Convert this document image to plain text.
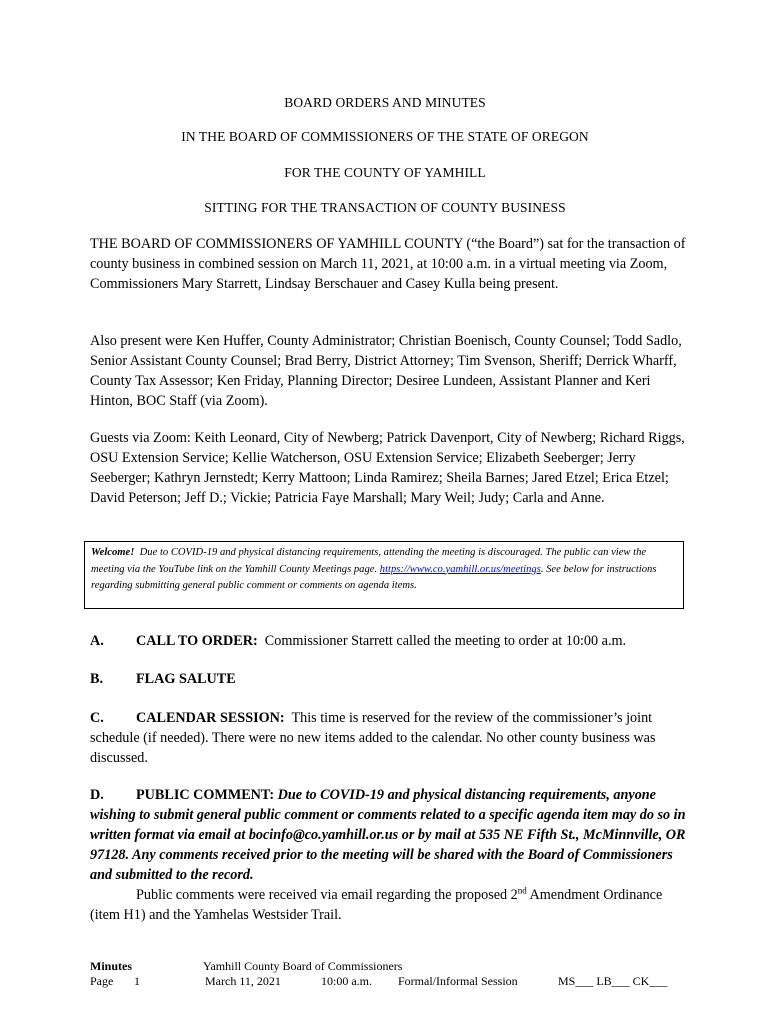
BOARD ORDERS AND MINUTES
IN THE BOARD OF COMMISSIONERS OF THE STATE OF OREGON
FOR THE COUNTY OF YAMHILL
SITTING FOR THE TRANSACTION OF COUNTY BUSINESS
THE BOARD OF COMMISSIONERS OF YAMHILL COUNTY (“the Board”) sat for the transaction of county business in combined session on March 11, 2021, at 10:00 a.m. in a virtual meeting via Zoom, Commissioners Mary Starrett, Lindsay Berschauer and Casey Kulla being present.
Also present were Ken Huffer, County Administrator; Christian Boenisch, County Counsel; Todd Sadlo, Senior Assistant County Counsel; Brad Berry, District Attorney; Tim Svenson, Sheriff; Derrick Wharff, County Tax Assessor; Ken Friday, Planning Director; Desiree Lundeen, Assistant Planner and Keri Hinton, BOC Staff (via Zoom).
Guests via Zoom: Keith Leonard, City of Newberg; Patrick Davenport, City of Newberg; Richard Riggs, OSU Extension Service; Kellie Watcherson, OSU Extension Service; Elizabeth Seeberger; Jerry Seeberger; Kathryn Jernstedt; Kerry Mattoon; Linda Ramirez; Sheila Barnes; Jared Etzel; Erica Etzel; David Peterson; Jeff D.; Vickie; Patricia Faye Marshall; Mary Weil; Judy; Carla and Anne.
Welcome! Due to COVID-19 and physical distancing requirements, attending the meeting is discouraged. The public can view the meeting via the YouTube link on the Yamhill County Meetings page. https://www.co.yamhill.or.us/meetings. See below for instructions regarding submitting general public comment or comments on agenda items.
A. CALL TO ORDER: Commissioner Starrett called the meeting to order at 10:00 a.m.
B. FLAG SALUTE
C. CALENDAR SESSION: This time is reserved for the review of the commissioner’s joint schedule (if needed). There were no new items added to the calendar. No other county business was discussed.
D. PUBLIC COMMENT: Due to COVID-19 and physical distancing requirements, anyone wishing to submit general public comment or comments related to a specific agenda item may do so in written format via email at bocinfo@co.yamhill.or.us or by mail at 535 NE Fifth St., McMinnville, OR 97128. Any comments received prior to the meeting will be shared with the Board of Commissioners and submitted to the record.
Public comments were received via email regarding the proposed 2nd Amendment Ordinance (item H1) and the Yamhelas Westsider Trail.
Minutes
Page 1
Yamhill County Board of Commissioners
March 11, 2021	10:00 a.m. Formal/Informal Session	MS___ LB___ CK___
